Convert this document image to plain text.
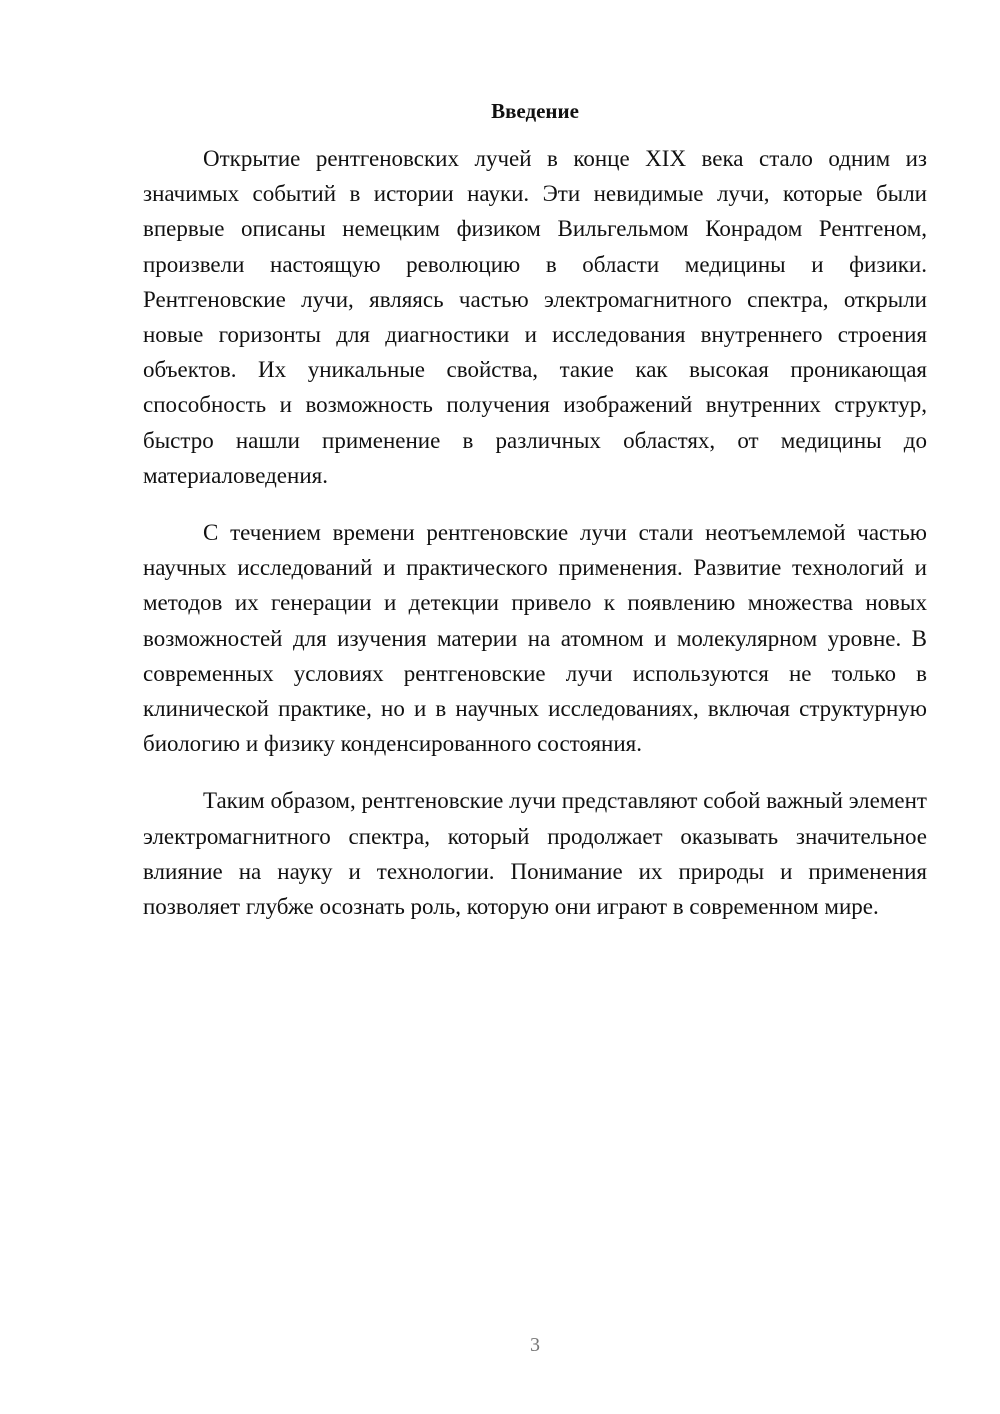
Введение

Открытие рентгеновских лучей в конце XIX века стало одним из значимых событий в истории науки. Эти невидимые лучи, которые были впервые описаны немецким физиком Вильгельмом Конрадом Рентгеном, произвели настоящую революцию в области медицины и физики. Рентгеновские лучи, являясь частью электромагнитного спектра, открыли новые горизонты для диагностики и исследования внутреннего строения объектов. Их уникальные свойства, такие как высокая проникающая способность и возможность получения изображений внутренних структур, быстро нашли применение в различных областях, от медицины до материаловедения.

С течением времени рентгеновские лучи стали неотъемлемой частью научных исследований и практического применения. Развитие технологий и методов их генерации и детекции привело к появлению множества новых возможностей для изучения материи на атомном и молекулярном уровне. В современных условиях рентгеновские лучи используются не только в клинической практике, но и в научных исследованиях, включая структурную биологию и физику конденсированного состояния.

Таким образом, рентгеновские лучи представляют собой важный элемент электромагнитного спектра, который продолжает оказывать значительное влияние на науку и технологии. Понимание их природы и применения позволяет глубже осознать роль, которую они играют в современном мире.

3
